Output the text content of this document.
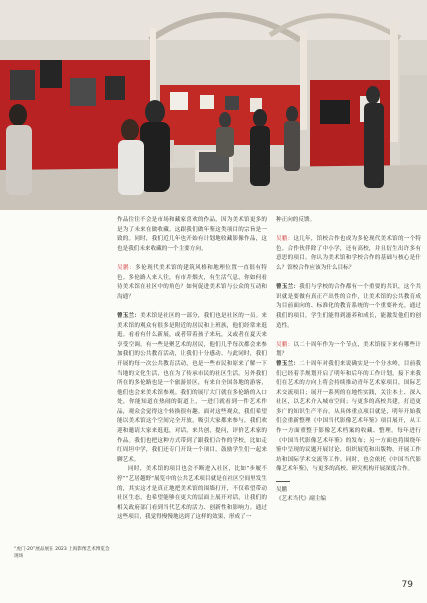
“虎门·20”展品展在 2023 上海影像艺术博览会现场

作品往往不会是市场和藏家喜欢的作品，因为美术馆更多的是为了未来在做收藏。这跟我们做年鉴这类项目的宗旨是一致的。同时，我们近几年也开始有计划地收藏影像作品，这也是我们未来收藏的一个主要方向。

吴鹏：多伦现代美术馆的建筑风格和地理位置一直很有特色。多伦路人来人往，有市井烟火，有生活气息，你如何看待美术馆在社区中的角色？如何促进美术馆与公众的互动和沟通？

曾玉兰：美术馆是社区的一部分，我们也是社区的一员。来美术馆的观众有很多是附近的居民和上班族，他们经常来逛逛。看看有什么新展，或者带着孩子来玩，又或者在夏天来享受空调。有一些是聚艺术的居民，他们几乎每次都会来参加我们的公共教育活动，让我们十分感动。与此同时，我们开展的每一次公共教育活动，也是一些市民和原来了解一下当地的文化生活，也在为了传承市民的社区生活。另外我们所在的多伦路也是一个旅游景区，有来自全国各地的游客，他们也会来美术馆参观。我们的展厅大门就在多伦路的入口处，你能知道在热闹的街道上，一进门就看到一件艺术作品，观众会觉得这个转换很有趣。面对这些观众，我们希望能以美术馆这个空间完全开放，吸引大家都来参与，我们欢迎和邀请大家来逛逛，对话，来共创，提问，评价艺术家的作品。我们也把这种方式带到了跟我们合作的学校，比如走红周坦中学，我们还专门开设一个项目，鼓励学生们一起来聊艺术。

同时，美术馆的项目也会不断进入社区，比如“步履不停”“艺居越野”展览中的公共艺术项目就是在社区空间里发生的，其实这才是真正地把美术馆的围墙打开，不仅希望带动社区生态，也希望能够在更大的层面上展开对话，让我们的相关政府部门看到当代艺术的活力、创新性和影响力。通过这些项目，我觉得慢慢地达到了这样的效果，形成了一

种正向的反馈。

吴鹏：这几年，馆校合作也成为多伦现代美术馆的一个特色。合作伙伴除了中小学，还有高校，并且衍生出许多有意思的项目。你认为美术馆和学校合作的基础与核心是什么？馆校合作应该为什么目标？

曾玉兰：我们与学校的合作都有一个重要的共识，这个共识就是要做有真正产出性的合作，让美术馆的公共教育成为目前面向的、标准化的教育系统的一个重要补充。通过我们的项目，学生们能得到滋养和成长，能激发他们的创造性。

吴鹏：以二十周年作为一个节点，美术馆接下来有哪些计划？

曾玉兰：二十周年对我们来说确实是一个分水岭，目前我们已经着手规划开启了明年和后年的工作计划，接下来我们在艺术的方向上将会持续推动青年艺术家项目，国际艺术交流项目；展开一系列的在地性实践，关注本土、深入社区，以艺术介入城市空间；与更多的高校共建，打造更多广的知识生产平台。从具体重点项目就是，明年开始我们会重新整理《中国当代影像艺术年鉴》项目展开，从工作一方面重整于影像艺术档案的收藏、整理，每年进行《中国当代影像艺术年鉴》的发布；另一方面也将围绕年鉴中呈现的议题开展讨论，组织展览和出版物，开展工作坊和国际学术交流等工作。同时，也会依托《中国当代影像艺术年鉴》，与更多的高校、研究机构开展深度合作。

吴鹏
《艺术当代》副主编
79
